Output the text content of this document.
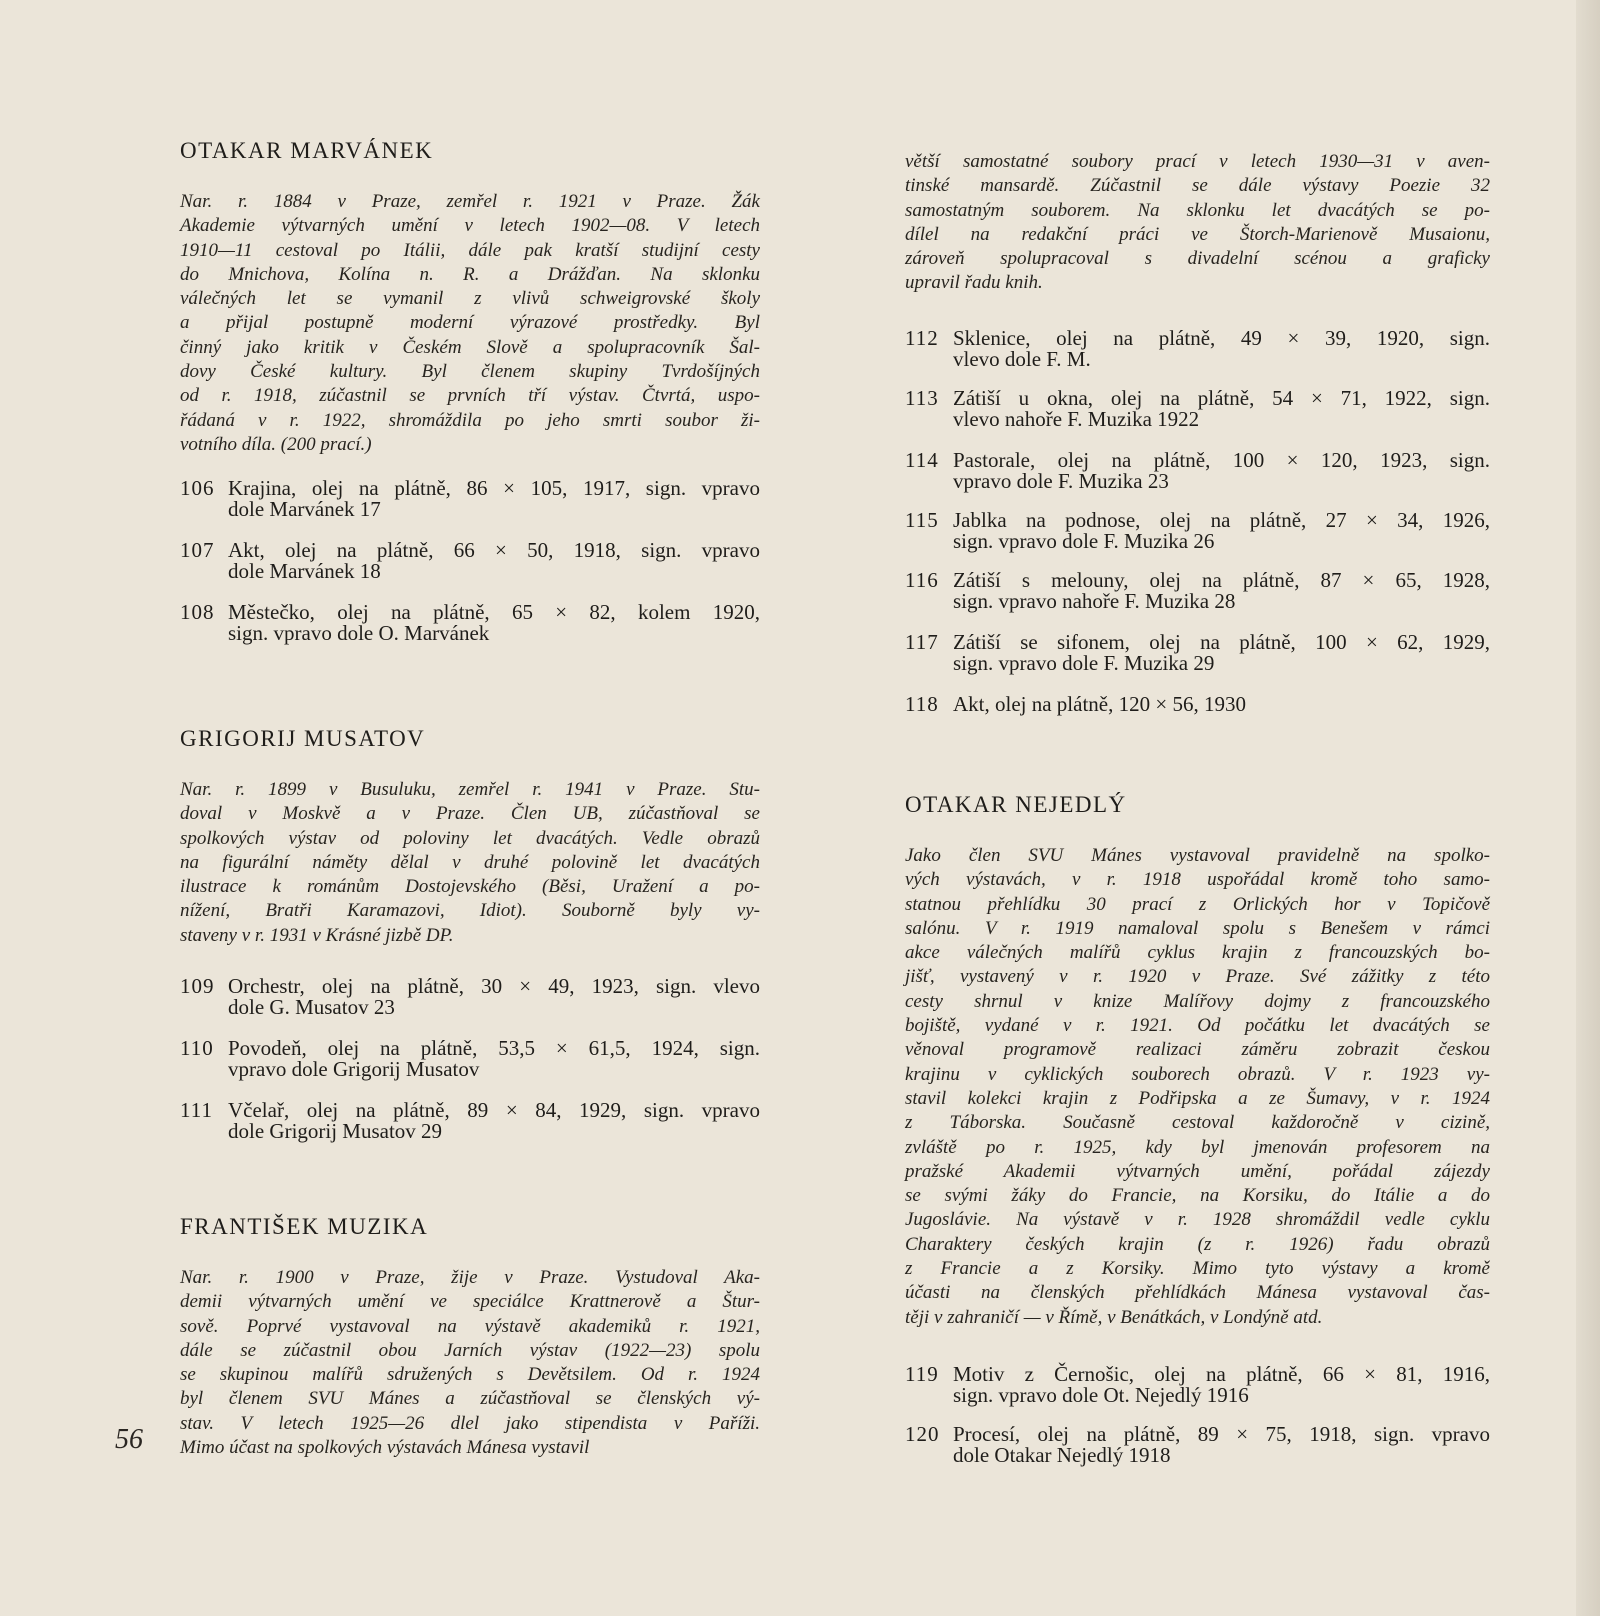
OTAKAR MARVÁNEK
Nar. r. 1884 v Praze, zemřel r. 1921 v Praze. Žák
Akademie výtvarných umění v letech 1902—08. V letech
1910—11 cestoval po Itálii, dále pak kratší studijní cesty
do Mnichova, Kolína n. R. a Drážďan. Na sklonku
válečných let se vymanil z vlivů schweigrovské školy
a přijal postupně moderní výrazové prostředky. Byl
činný jako kritik v Českém Slově a spolupracovník Šal-
dovy České kultury. Byl členem skupiny Tvrdošíjných
od r. 1918, zúčastnil se prvních tří výstav. Čtvrtá, uspo-
řádaná v r. 1922, shromáždila po jeho smrti soubor ži-
votního díla. (200 prací.)
106 Krajina, olej na plátně, 86 × 105, 1917, sign. vpravo
dole Marvánek 17
107 Akt, olej na plátně, 66 × 50, 1918, sign. vpravo
dole Marvánek 18
108 Městečko, olej na plátně, 65 × 82, kolem 1920,
sign. vpravo dole O. Marvánek
GRIGORIJ MUSATOV
Nar. r. 1899 v Busuluku, zemřel r. 1941 v Praze. Stu-
doval v Moskvě a v Praze. Člen UB, zúčastňoval se
spolkových výstav od poloviny let dvacátých. Vedle obrazů
na figurální náměty dělal v druhé polovině let dvacátých
ilustrace k románům Dostojevského (Běsi, Uražení a po-
nížení, Bratři Karamazovi, Idiot). Souborně byly vy-
staveny v r. 1931 v Krásné jizbě DP.
109 Orchestr, olej na plátně, 30 × 49, 1923, sign. vlevo
dole G. Musatov 23
110 Povodeň, olej na plátně, 53,5 × 61,5, 1924, sign.
vpravo dole Grigorij Musatov
111 Včelař, olej na plátně, 89 × 84, 1929, sign. vpravo
dole Grigorij Musatov 29
FRANTIŠEK MUZIKA
Nar. r. 1900 v Praze, žije v Praze. Vystudoval Aka-
demii výtvarných umění ve speciálce Krattnerově a Štur-
sově. Poprvé vystavoval na výstavě akademiků r. 1921,
dále se zúčastnil obou Jarních výstav (1922—23) spolu
se skupinou malířů sdružených s Devětsilem. Od r. 1924
byl členem SVU Mánes a zúčastňoval se členských vý-
stav. V letech 1925—26 dlel jako stipendista v Paříži.
Mimo účast na spolkových výstavách Mánesa vystavil
větší samostatné soubory prací v letech 1930—31 v aven-
tinské mansardě. Zúčastnil se dále výstavy Poezie 32
samostatným souborem. Na sklonku let dvacátých se po-
dílel na redakční práci ve Štorch-Marienově Musaionu,
zároveň spolupracoval s divadelní scénou a graficky
upravil řadu knih.
112 Sklenice, olej na plátně, 49 × 39, 1920, sign.
vlevo dole F. M.
113 Zátiší u okna, olej na plátně, 54 × 71, 1922, sign.
vlevo nahoře F. Muzika 1922
114 Pastorale, olej na plátně, 100 × 120, 1923, sign.
vpravo dole F. Muzika 23
115 Jablka na podnose, olej na plátně, 27 × 34, 1926,
sign. vpravo dole F. Muzika 26
116 Zátiší s melouny, olej na plátně, 87 × 65, 1928,
sign. vpravo nahoře F. Muzika 28
117 Zátiší se sifonem, olej na plátně, 100 × 62, 1929,
sign. vpravo dole F. Muzika 29
118 Akt, olej na plátně, 120 × 56, 1930
OTAKAR NEJEDLÝ
Jako člen SVU Mánes vystavoval pravidelně na spolko-
vých výstavách, v r. 1918 uspořádal kromě toho samo-
statnou přehlídku 30 prací z Orlických hor v Topičově
salónu. V r. 1919 namaloval spolu s Benešem v rámci
akce válečných malířů cyklus krajin z francouzských bo-
jišť, vystavený v r. 1920 v Praze. Své zážitky z této
cesty shrnul v knize Malířovy dojmy z francouzského
bojiště, vydané v r. 1921. Od počátku let dvacátých se
věnoval programově realizaci záměru zobrazit českou
krajinu v cyklických souborech obrazů. V r. 1923 vy-
stavil kolekci krajin z Podřipska a ze Šumavy, v r. 1924
z Táborska. Současně cestoval každoročně v cizině,
zvláště po r. 1925, kdy byl jmenován profesorem na
pražské Akademii výtvarných umění, pořádal zájezdy
se svými žáky do Francie, na Korsiku, do Itálie a do
Jugoslávie. Na výstavě v r. 1928 shromáždil vedle cyklu
Charaktery českých krajin (z r. 1926) řadu obrazů
z Francie a z Korsiky. Mimo tyto výstavy a kromě
účasti na členských přehlídkách Mánesa vystavoval čas-
těji v zahraničí — v Římě, v Benátkách, v Londýně atd.
119 Motiv z Černošic, olej na plátně, 66 × 81, 1916,
sign. vpravo dole Ot. Nejedlý 1916
120 Procesí, olej na plátně, 89 × 75, 1918, sign. vpravo
dole Otakar Nejedlý 1918
56
